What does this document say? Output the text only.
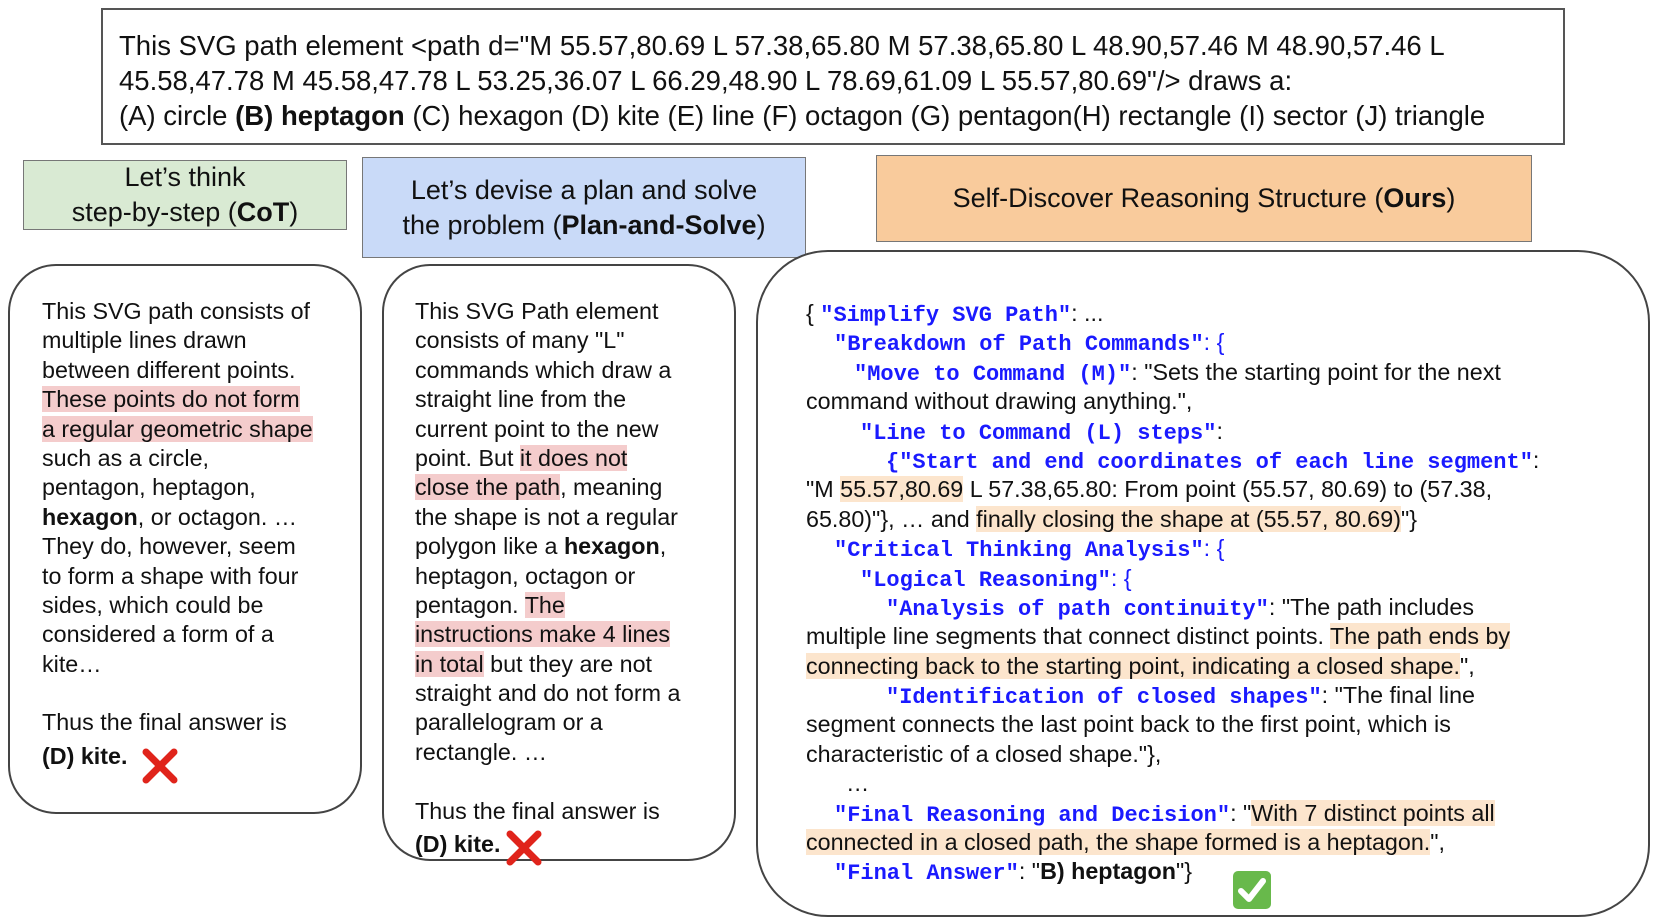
This SVG path element <path d="M 55.57,80.69 L 57.38,65.80 M 57.38,65.80 L 48.90,57.46 M 48.90,57.46 L
45.58,47.78 M 45.58,47.78 L 53.25,36.07 L 66.29,48.90 L 78.69,61.09 L 55.57,80.69"/> draws a:
(A) circle (B) heptagon (C) hexagon (D) kite (E) line (F) octagon (G) pentagon(H) rectangle (I) sector (J) triangle
Let’s think
step-by-step (CoT)
Let’s devise a plan and solve
the problem (Plan-and-Solve)
Self-Discover Reasoning Structure (Ours)
This SVG path consists of
multiple lines drawn
between different points.
These points do not form
a regular geometric shape
such as a circle,
pentagon, heptagon,
hexagon, or octagon. …
They do, however, seem
to form a shape with four
sides, which could be
considered a form of a
kite…
Thus the final answer is
(D) kite.
This SVG Path element
consists of many "L"
commands which draw a
straight line from the
current point to the new
point. But it does not
close the path, meaning
the shape is not a regular
polygon like a hexagon,
heptagon, octagon or
pentagon. The
instructions make 4 lines
in total but they are not
straight and do not form a
parallelogram or a
rectangle. …
Thus the final answer is
(D) kite.
{ "Simplify SVG Path": ...
"Breakdown of Path Commands": {
"Move to Command (M)": "Sets the starting point for the next
command without drawing anything.",
"Line to Command (L) steps":
{"Start and end coordinates of each line segment":
"M 55.57,80.69 L 57.38,65.80: From point (55.57, 80.69) to (57.38,
65.80)"}, … and finally closing the shape at (55.57, 80.69)"}
"Critical Thinking Analysis": {
"Logical Reasoning": {
"Analysis of path continuity": "The path includes
multiple line segments that connect distinct points. The path ends by
connecting back to the starting point, indicating a closed shape.",
"Identification of closed shapes": "The final line
segment connects the last point back to the first point, which is
characteristic of a closed shape."},
…
"Final Reasoning and Decision": "With 7 distinct points all
connected in a closed path, the shape formed is a heptagon.",
"Final Answer": "B) heptagon"}
